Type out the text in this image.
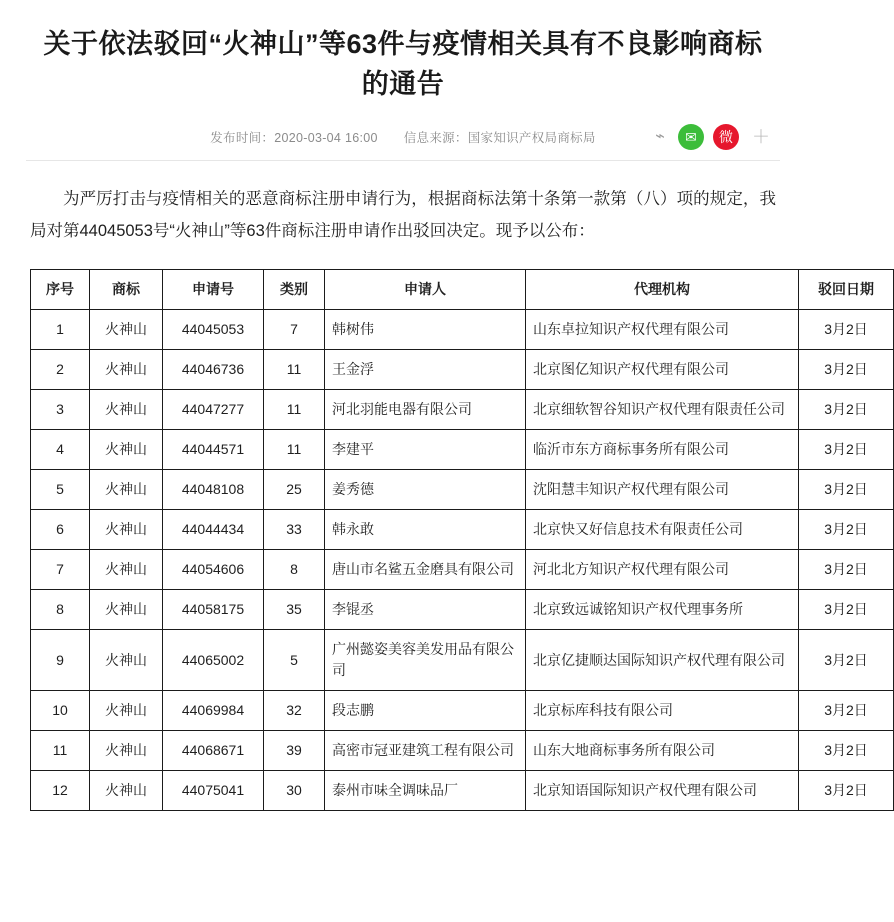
关于依法驳回“火神山”等63件与疫情相关具有不良影响商标的通告
发布时间：2020-03-04 16:00 信息来源：国家知识产权局商标局	⌁	✉	微	＋

为严厉打击与疫情相关的恶意商标注册申请行为，根据商标法第十条第一款第（八）项的规定，我局对第44045053号“火神山”等63件商标注册申请作出驳回决定。现予以公布：

序号	商标	申请号	类别	申请人	代理机构	驳回日期
1	火神山	44045053	7	韩树伟	山东卓拉知识产权代理有限公司	3月2日
2	火神山	44046736	11	王金浮	北京图亿知识产权代理有限公司	3月2日
3	火神山	44047277	11	河北羽能电器有限公司	北京细软智谷知识产权代理有限责任公司	3月2日
4	火神山	44044571	11	李建平	临沂市东方商标事务所有限公司	3月2日
5	火神山	44048108	25	姜秀德	沈阳慧丰知识产权代理有限公司	3月2日
6	火神山	44044434	33	韩永敢	北京快又好信息技术有限责任公司	3月2日
7	火神山	44054606	8	唐山市名鲨五金磨具有限公司	河北北方知识产权代理有限公司	3月2日
8	火神山	44058175	35	李锟丞	北京致远诚铭知识产权代理事务所	3月2日
9	火神山	44065002	5	广州懿姿美容美发用品有限公司	北京亿捷顺达国际知识产权代理有限公司	3月2日
10	火神山	44069984	32	段志鹏	北京标库科技有限公司	3月2日
11	火神山	44068671	39	高密市冠亚建筑工程有限公司	山东大地商标事务所有限公司	3月2日
12	火神山	44075041	30	泰州市味全调味品厂	北京知语国际知识产权代理有限公司	3月2日
